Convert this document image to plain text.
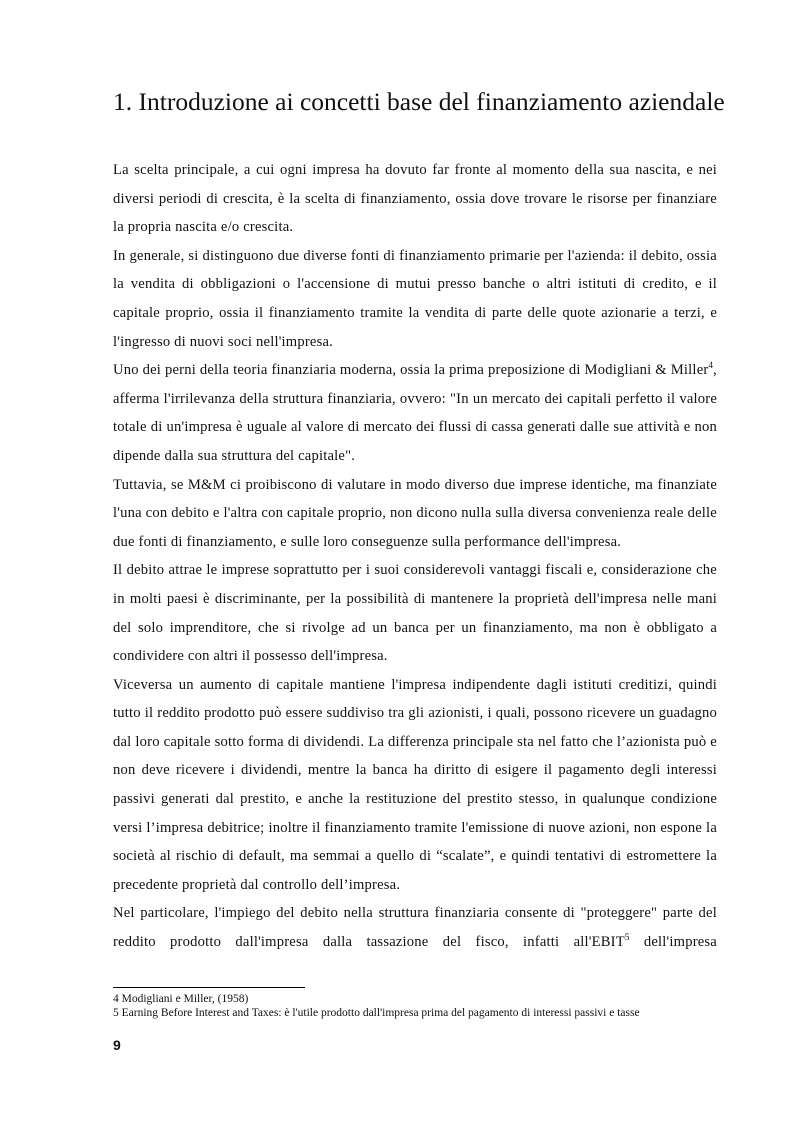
1. Introduzione ai concetti base del finanziamento aziendale

La scelta principale, a cui ogni impresa ha dovuto far fronte al momento della sua nascita, e nei diversi periodi di crescita, è la scelta di finanziamento, ossia dove trovare le risorse per finanziare la propria nascita e/o crescita.

In generale, si distinguono due diverse fonti di finanziamento primarie per l'azienda: il debito, ossia la vendita di obbligazioni o l'accensione di mutui presso banche o altri istituti di credito, e il capitale proprio, ossia il finanziamento tramite la vendita di parte delle quote azionarie a terzi, e l'ingresso di nuovi soci nell'impresa.

Uno dei perni della teoria finanziaria moderna, ossia la prima preposizione di Modigliani & Miller$^4$, afferma l'irrilevanza della struttura finanziaria, ovvero: "In un mercato dei capitali perfetto il valore totale di un'impresa è uguale al valore di mercato dei flussi di cassa generati dalle sue attività e non dipende dalla sua struttura del capitale".

Tuttavia, se M&M ci proibiscono di valutare in modo diverso due imprese identiche, ma finanziate l'una con debito e l'altra con capitale proprio, non dicono nulla sulla diversa convenienza reale delle due fonti di finanziamento, e sulle loro conseguenze sulla performance dell'impresa.

Il debito attrae le imprese soprattutto per i suoi considerevoli vantaggi fiscali e, considerazione che in molti paesi è discriminante, per la possibilità di mantenere la proprietà dell'impresa nelle mani del solo imprenditore, che si rivolge ad un banca per un finanziamento, ma non è obbligato a condividere con altri il possesso dell'impresa.

Viceversa un aumento di capitale mantiene l'impresa indipendente dagli istituti creditizi, quindi tutto il reddito prodotto può essere suddiviso tra gli azionisti, i quali, possono ricevere un guadagno dal loro capitale sotto forma di dividendi. La differenza principale sta nel fatto che l’azionista può e non deve ricevere i dividendi, mentre la banca ha diritto di esigere il pagamento degli interessi passivi generati dal prestito, e anche la restituzione del prestito stesso, in qualunque condizione versi l’impresa debitrice; inoltre il finanziamento tramite l'emissione di nuove azioni, non espone la società al rischio di default, ma semmai a quello di “scalate”, e quindi tentativi di estromettere la precedente proprietà dal controllo dell’impresa.

Nel particolare, l'impiego del debito nella struttura finanziaria consente di "proteggere" parte del reddito prodotto dall'impresa dalla tassazione del fisco, infatti all'EBIT$^5$ dell'impresa

4 Modigliani e Miller, (1958)
5 Earning Before Interest and Taxes: è l'utile prodotto dall'impresa prima del pagamento di interessi passivi e tasse
9
